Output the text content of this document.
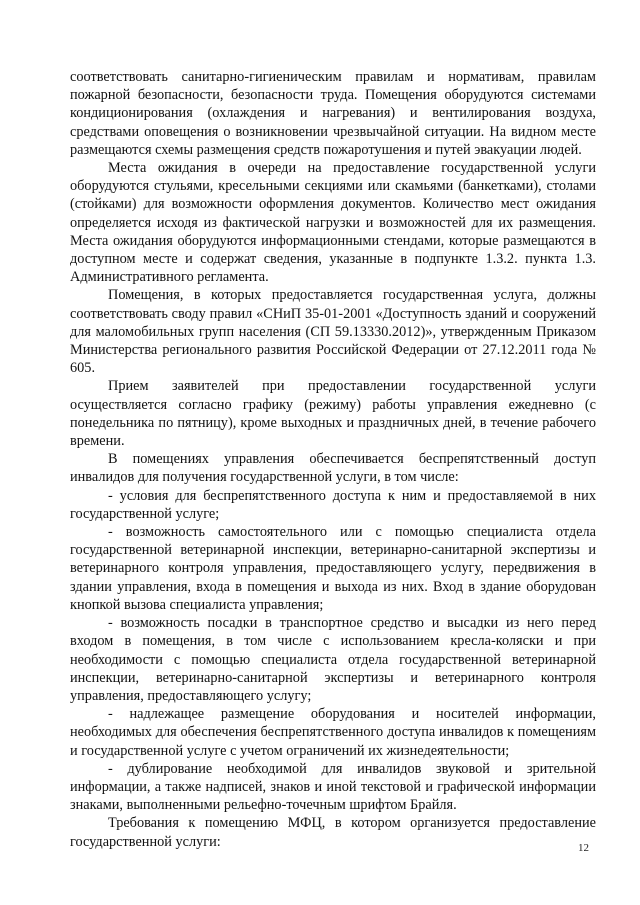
соответствовать санитарно-гигиеническим правилам и нормативам, правилам пожарной безопасности, безопасности труда. Помещения оборудуются системами кондиционирования (охлаждения и нагревания) и вентилирования воздуха, средствами оповещения о возникновении чрезвычайной ситуации. На видном месте размещаются схемы размещения средств пожаротушения и путей эвакуации людей.

Места ожидания в очереди на предоставление государственной услуги оборудуются стульями, кресельными секциями или скамьями (банкетками), столами (стойками) для возможности оформления документов. Количество мест ожидания определяется исходя из фактической нагрузки и возможностей для их размещения. Места ожидания оборудуются информационными стендами, которые размещаются в доступном месте и содержат сведения, указанные в подпункте 1.3.2. пункта 1.3. Административного регламента.

Помещения, в которых предоставляется государственная услуга, должны соответствовать своду правил «СНиП 35-01-2001 «Доступность зданий и сооружений для маломобильных групп населения (СП 59.13330.2012)», утвержденным Приказом Министерства регионального развития Российской Федерации от 27.12.2011 года № 605.

Прием заявителей при предоставлении государственной услуги осуществляется согласно графику (режиму) работы управления ежедневно (с понедельника по пятницу), кроме выходных и праздничных дней, в течение рабочего времени.

В помещениях управления обеспечивается беспрепятственный доступ инвалидов для получения государственной услуги, в том числе:

- условия для беспрепятственного доступа к ним и предоставляемой в них государственной услуге;

- возможность самостоятельного или с помощью специалиста отдела государственной ветеринарной инспекции, ветеринарно-санитарной экспертизы и ветеринарного контроля управления, предоставляющего услугу, передвижения в здании управления, входа в помещения и выхода из них. Вход в здание оборудован кнопкой вызова специалиста управления;

- возможность посадки в транспортное средство и высадки из него перед входом в помещения, в том числе с использованием кресла-коляски и при необходимости с помощью специалиста отдела государственной ветеринарной инспекции, ветеринарно-санитарной экспертизы и ветеринарного контроля управления, предоставляющего услугу;

- надлежащее размещение оборудования и носителей информации, необходимых для обеспечения беспрепятственного доступа инвалидов к помещениям и государственной услуге с учетом ограничений их жизнедеятельности;

- дублирование необходимой для инвалидов звуковой и зрительной информации, а также надписей, знаков и иной текстовой и графической информации знаками, выполненными рельефно-точечным шрифтом Брайля.

Требования к помещению МФЦ, в котором организуется предоставление государственной услуги:	12
